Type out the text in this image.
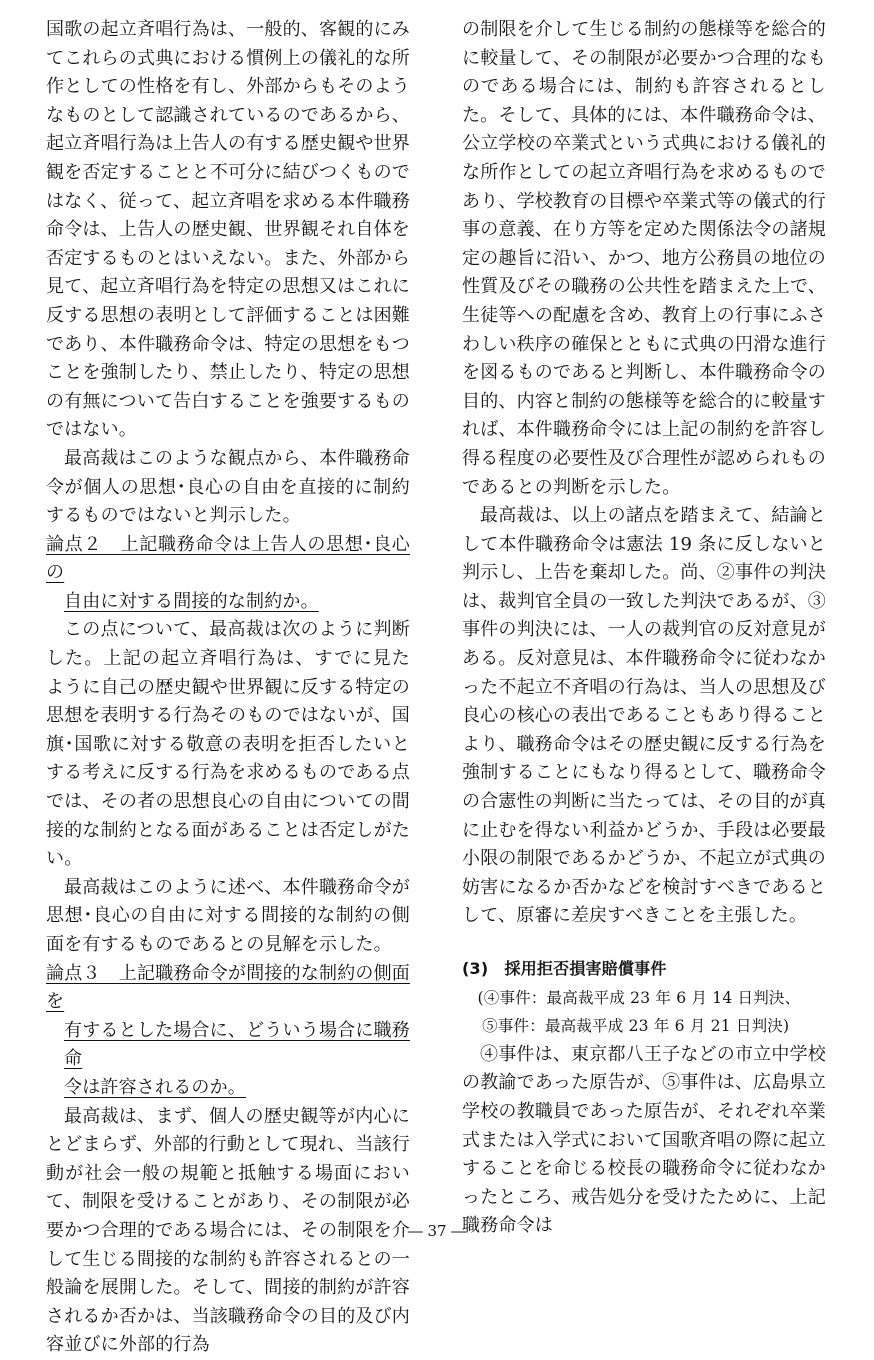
国歌の起立斉唱行為は、一般的、客観的にみてこれらの式典における慣例上の儀礼的な所作としての性格を有し、外部からもそのようなものとして認識されているのであるから、起立斉唱行為は上告人の有する歴史観や世界観を否定することと不可分に結びつくものではなく、従って、起立斉唱を求める本件職務命令は、上告人の歴史観、世界観それ自体を否定するものとはいえない。また、外部から見て、起立斉唱行為を特定の思想又はこれに反する思想の表明として評価することは困難であり、本件職務命令は、特定の思想をもつことを強制したり、禁止したり、特定の思想の有無について告白することを強要するものではない。

最高裁はこのような観点から、本件職務命令が個人の思想･良心の自由を直接的に制約するものではないと判示した。

論点２　上記職務命令は上告人の思想･良心の
自由に対する間接的な制約か。

この点について、最高裁は次のように判断した。上記の起立斉唱行為は、すでに見たように自己の歴史観や世界観に反する特定の思想を表明する行為そのものではないが、国旗･国歌に対する敬意の表明を拒否したいとする考えに反する行為を求めるものである点では、その者の思想良心の自由についての間接的な制約となる面があることは否定しがたい。

最高裁はこのように述べ、本件職務命令が思想･良心の自由に対する間接的な制約の側面を有するものであるとの見解を示した。

論点３　上記職務命令が間接的な制約の側面を
有するとした場合に、どういう場合に職務命
令は許容されるのか。

最高裁は、まず、個人の歴史観等が内心にとどまらず、外部的行動として現れ、当該行動が社会一般の規範と抵触する場面において、制限を受けることがあり、その制限が必要かつ合理的である場合には、その制限を介して生じる間接的な制約も許容されるとの一般論を展開した。そして、間接的制約が許容されるか否かは、当該職務命令の目的及び内容並びに外部的行為

の制限を介して生じる制約の態様等を総合的に較量して、その制限が必要かつ合理的なものである場合には、制約も許容されるとした。そして、具体的には、本件職務命令は、公立学校の卒業式という式典における儀礼的な所作としての起立斉唱行為を求めるものであり、学校教育の目標や卒業式等の儀式的行事の意義、在り方等を定めた関係法令の諸規定の趣旨に沿い、かつ、地方公務員の地位の性質及びその職務の公共性を踏まえた上で、生徒等への配慮を含め、教育上の行事にふさわしい秩序の確保とともに式典の円滑な進行を図るものであると判断し、本件職務命令の目的、内容と制約の態様等を総合的に較量すれば、本件職務命令には上記の制約を許容し得る程度の必要性及び合理性が認められものであるとの判断を示した。

最高裁は、以上の諸点を踏まえて、結論として本件職務命令は憲法 19 条に反しないと判示し、上告を棄却した。尚、②事件の判決は、裁判官全員の一致した判決であるが、③事件の判決には、一人の裁判官の反対意見がある。反対意見は、本件職務命令に従わなかった不起立不斉唱の行為は、当人の思想及び良心の核心の表出であることもあり得ることより、職務命令はその歴史観に反する行為を強制することにもなり得るとして、職務命令の合憲性の判断に当たっては、その目的が真に止むを得ない利益かどうか、手段は必要最小限の制限であるかどうか、不起立が式典の妨害になるか否かなどを検討すべきであるとして、原審に差戻すべきことを主張した。

(3)　採用拒否損害賠償事件

(④事件：最高裁平成 23 年 6 月 14 日判決、

⑤事件：最高裁平成 23 年 6 月 21 日判決)

④事件は、東京都八王子などの市立中学校の教諭であった原告が、⑤事件は、広島県立学校の教職員であった原告が、それぞれ卒業式または入学式において国歌斉唱の際に起立することを命じる校長の職務命令に従わなかったところ、戒告処分を受けたために、上記職務命令は

― 37 ―
